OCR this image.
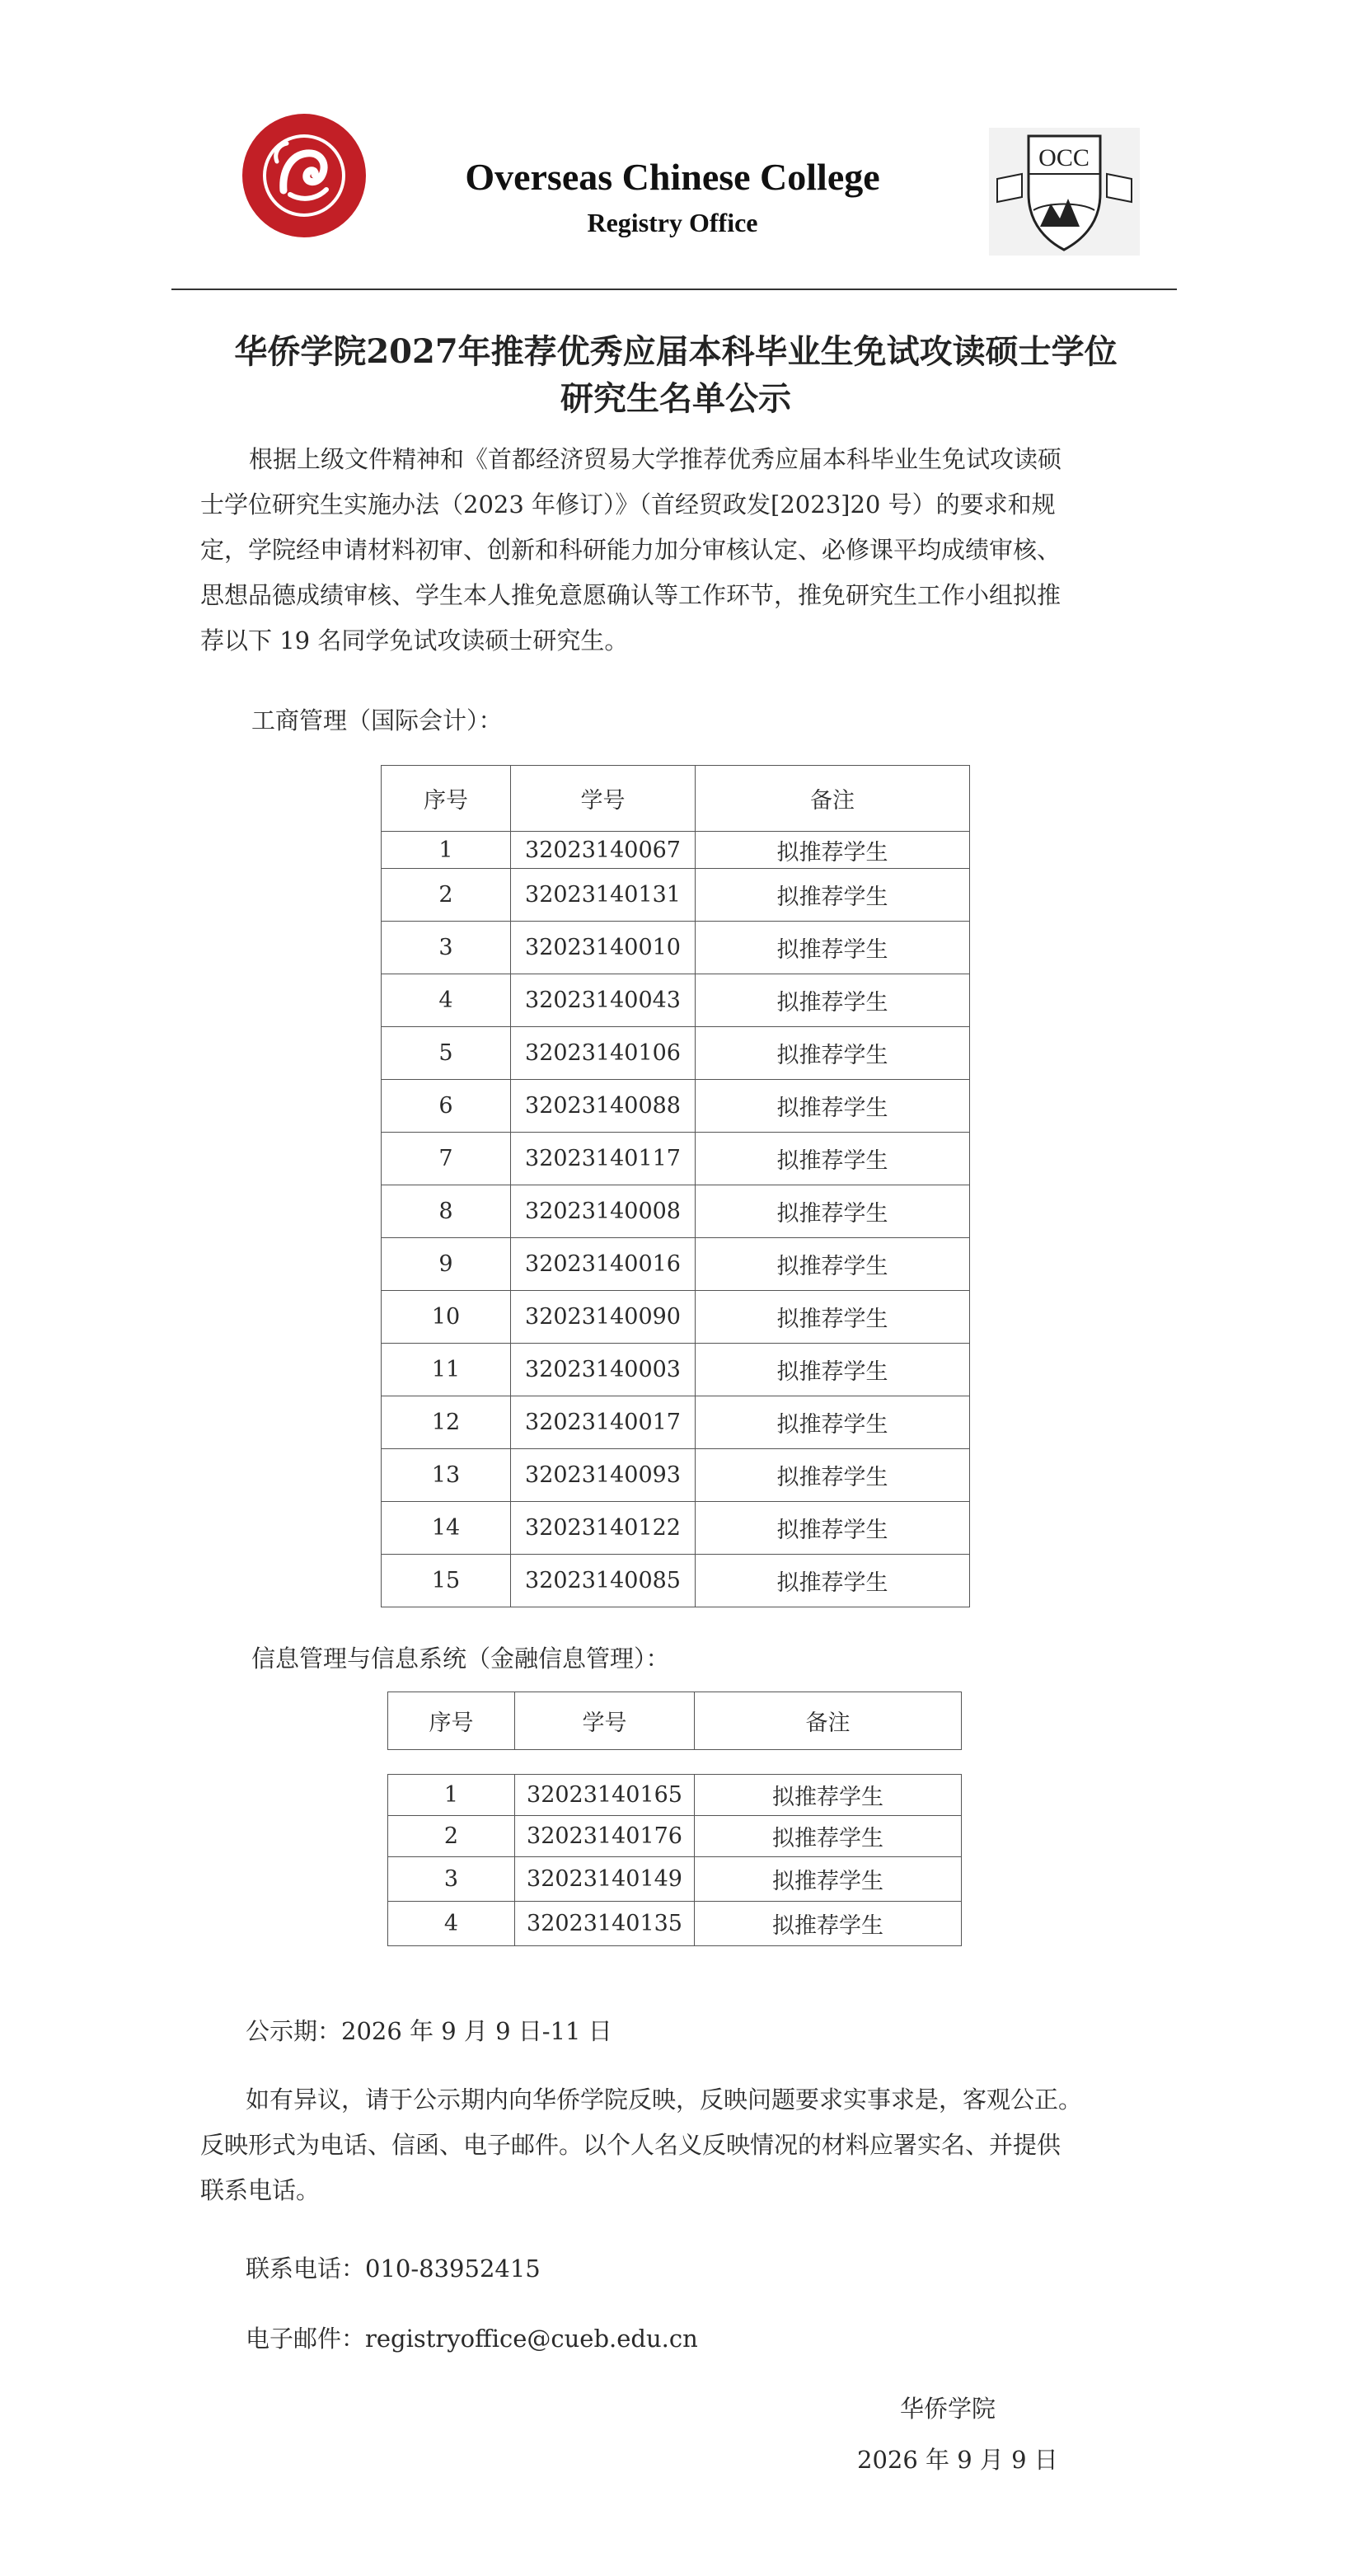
Overseas Chinese College
Registry Office
OCC
华侨学院2027年推荐优秀应届本科毕业生免试攻读硕士学位
研究生名单公示
根据上级文件精神和《首都经济贸易大学推荐优秀应届本科毕业生免试攻读硕
士学位研究生实施办法（2023 年修订）》（首经贸政发[2023]20 号）的要求和规
定，学院经申请材料初审、创新和科研能力加分审核认定、必修课平均成绩审核、
思想品德成绩审核、学生本人推免意愿确认等工作环节，推免研究生工作小组拟推
荐以下 19 名同学免试攻读硕士研究生。
工商管理（国际会计）：
序号	学号	备注
1	32023140067	拟推荐学生
2	32023140131	拟推荐学生
3	32023140010	拟推荐学生
4	32023140043	拟推荐学生
5	32023140106	拟推荐学生
6	32023140088	拟推荐学生
7	32023140117	拟推荐学生
8	32023140008	拟推荐学生
9	32023140016	拟推荐学生
10	32023140090	拟推荐学生
11	32023140003	拟推荐学生
12	32023140017	拟推荐学生
13	32023140093	拟推荐学生
14	32023140122	拟推荐学生
15	32023140085	拟推荐学生
信息管理与信息系统（金融信息管理）：
序号	学号	备注
1	32023140165	拟推荐学生
2	32023140176	拟推荐学生
3	32023140149	拟推荐学生
4	32023140135	拟推荐学生
公示期：2026 年 9 月 9 日-11 日
如有异议，请于公示期内向华侨学院反映，反映问题要求实事求是，客观公正。
反映形式为电话、信函、电子邮件。以个人名义反映情况的材料应署实名、并提供
联系电话。
联系电话：010-83952415
电子邮件：registryoffice@cueb.edu.cn
华侨学院
2026 年 9 月 9 日
